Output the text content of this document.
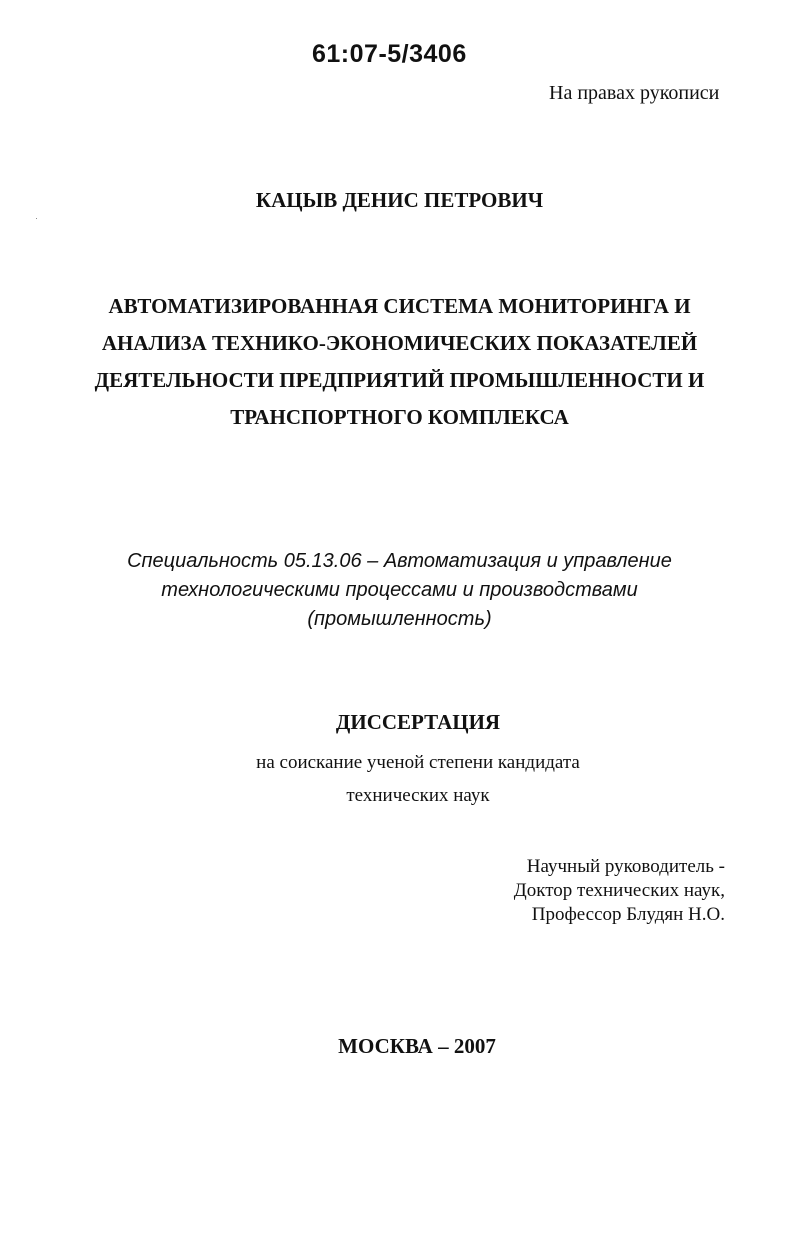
61:07-5/3406
На правах рукописи
КАЦЫВ ДЕНИС ПЕТРОВИЧ
АВТОМАТИЗИРОВАННАЯ СИСТЕМА МОНИТОРИНГА И
АНАЛИЗА ТЕХНИКО-ЭКОНОМИЧЕСКИХ ПОКАЗАТЕЛЕЙ
ДЕЯТЕЛЬНОСТИ ПРЕДПРИЯТИЙ ПРОМЫШЛЕННОСТИ И
ТРАНСПОРТНОГО КОМПЛЕКСА
Специальность 05.13.06 – Автоматизация и управление
технологическими процессами и производствами
(промышленность)
ДИССЕРТАЦИЯ
на соискание ученой степени кандидата
технических наук
Научный руководитель -
Доктор технических наук,
Профессор Блудян Н.О.
МОСКВА – 2007
